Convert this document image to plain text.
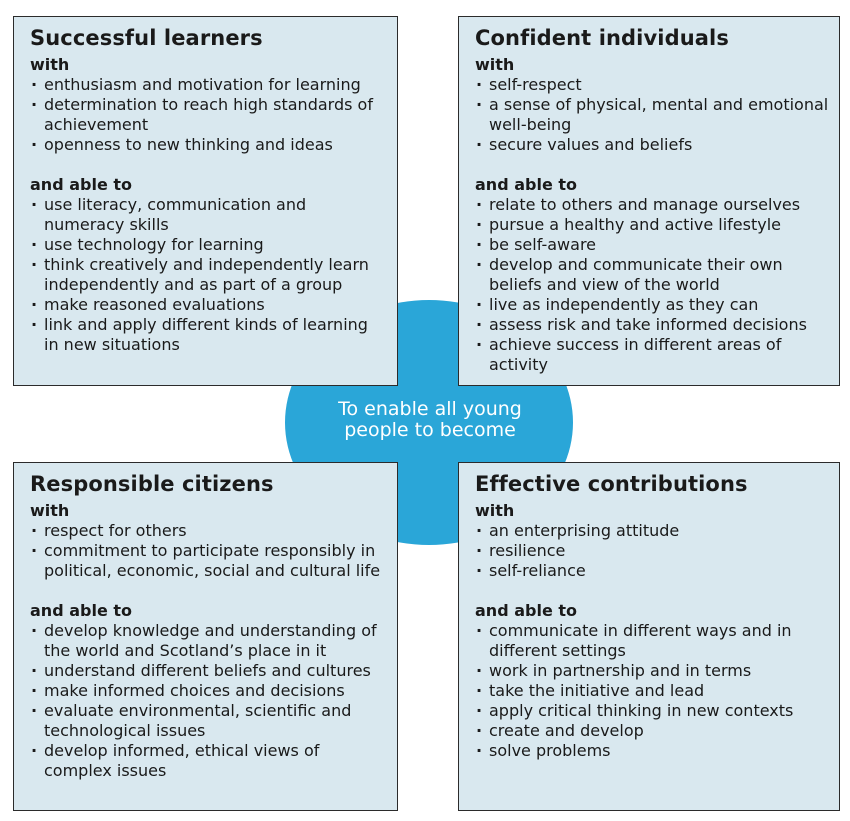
Successful learners
with
· enthusiasm and motivation for learning
· determination to reach high standards of achievement
· openness to new thinking and ideas
and able to
· use literacy, communication and numeracy skills
· use technology for learning
· think creatively and independently learn independently and as part of a group
· make reasoned evaluations
· link and apply different kinds of learning in new situations
Confident individuals
with
· self-respect
· a sense of physical, mental and emotional well-being
· secure values and beliefs
and able to
· relate to others and manage ourselves
· pursue a healthy and active lifestyle
· be self-aware
· develop and communicate their own beliefs and view of the world
· live as independently as they can
· assess risk and take informed decisions
· achieve success in different areas of activity
Responsible citizens
with
· respect for others
· commitment to participate responsibly in political, economic, social and cultural life
and able to
· develop knowledge and understanding of the world and Scotland’s place in it
· understand different beliefs and cultures
· make informed choices and decisions
· evaluate environmental, scientific and technological issues
· develop informed, ethical views of complex issues
Effective contributions
with
· an enterprising attitude
· resilience
· self-reliance
and able to
· communicate in different ways and in different settings
· work in partnership and in terms
· take the initiative and lead
· apply critical thinking in new contexts
· create and develop
· solve problems
To enable all young
people to become
